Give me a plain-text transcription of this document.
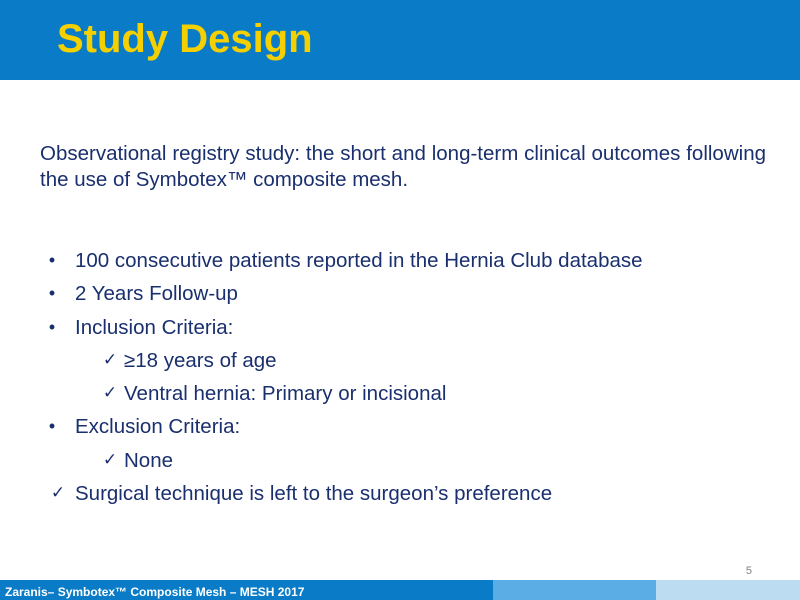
Study Design
Observational registry study: the short and long-term clinical outcomes following the use of Symbotex™ composite mesh.
• 100 consecutive patients reported in the Hernia Club database
• 2 Years Follow-up
• Inclusion Criteria:
✓ ≥18 years of age
✓ Ventral hernia: Primary or incisional
• Exclusion Criteria:
✓ None
✓ Surgical technique is left to the surgeon’s preference
5
Zaranis– Symbotex™ Composite Mesh – MESH 2017
